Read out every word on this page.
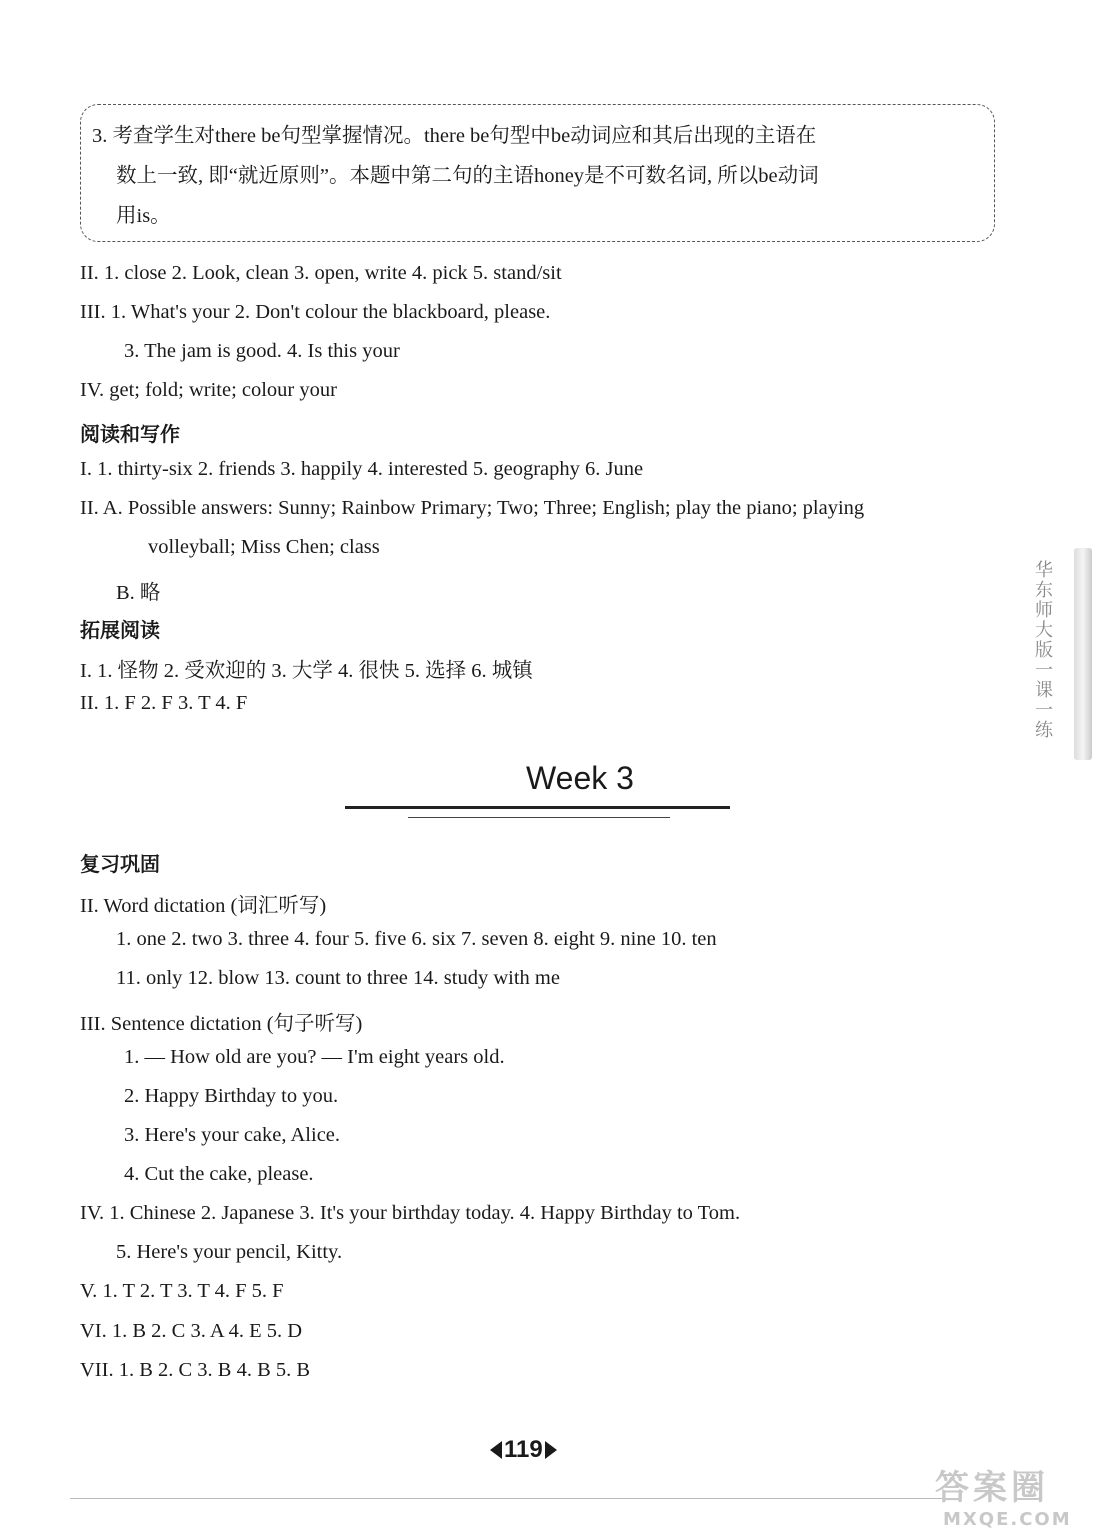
3. 考查学生对there be句型掌握情况。there be句型中be动词应和其后出现的主语在
数上一致, 即“就近原则”。本题中第二句的主语honey是不可数名词, 所以be动词
用is。
II. 1. close 2. Look, clean 3. open, write 4. pick 5. stand/sit
III. 1. What's your 2. Don't colour the blackboard, please.
3. The jam is good. 4. Is this your
IV. get; fold; write; colour your
阅读和写作
I. 1. thirty-six 2. friends 3. happily 4. interested 5. geography 6. June
II. A. Possible answers: Sunny; Rainbow Primary; Two; Three; English; play the piano; playing
volleyball; Miss Chen; class
B. 略
拓展阅读
I. 1. 怪物 2. 受欢迎的 3. 大学 4. 很快 5. 选择 6. 城镇
II. 1. F 2. F 3. T 4. F
Week 3
复习巩固
II. Word dictation (词汇听写)
1. one 2. two 3. three 4. four 5. five 6. six 7. seven 8. eight 9. nine 10. ten
11. only 12. blow 13. count to three 14. study with me
III. Sentence dictation (句子听写)
1. — How old are you? — I'm eight years old.
2. Happy Birthday to you.
3. Here's your cake, Alice.
4. Cut the cake, please.
IV. 1. Chinese 2. Japanese 3. It's your birthday today. 4. Happy Birthday to Tom.
5. Here's your pencil, Kitty.
V. 1. T 2. T 3. T 4. F 5. F
VI. 1. B 2. C 3. A 4. E 5. D
VII. 1. B 2. C 3. B 4. B 5. B
华东师大版一课一练
119
答案圈
MXQE.COM
